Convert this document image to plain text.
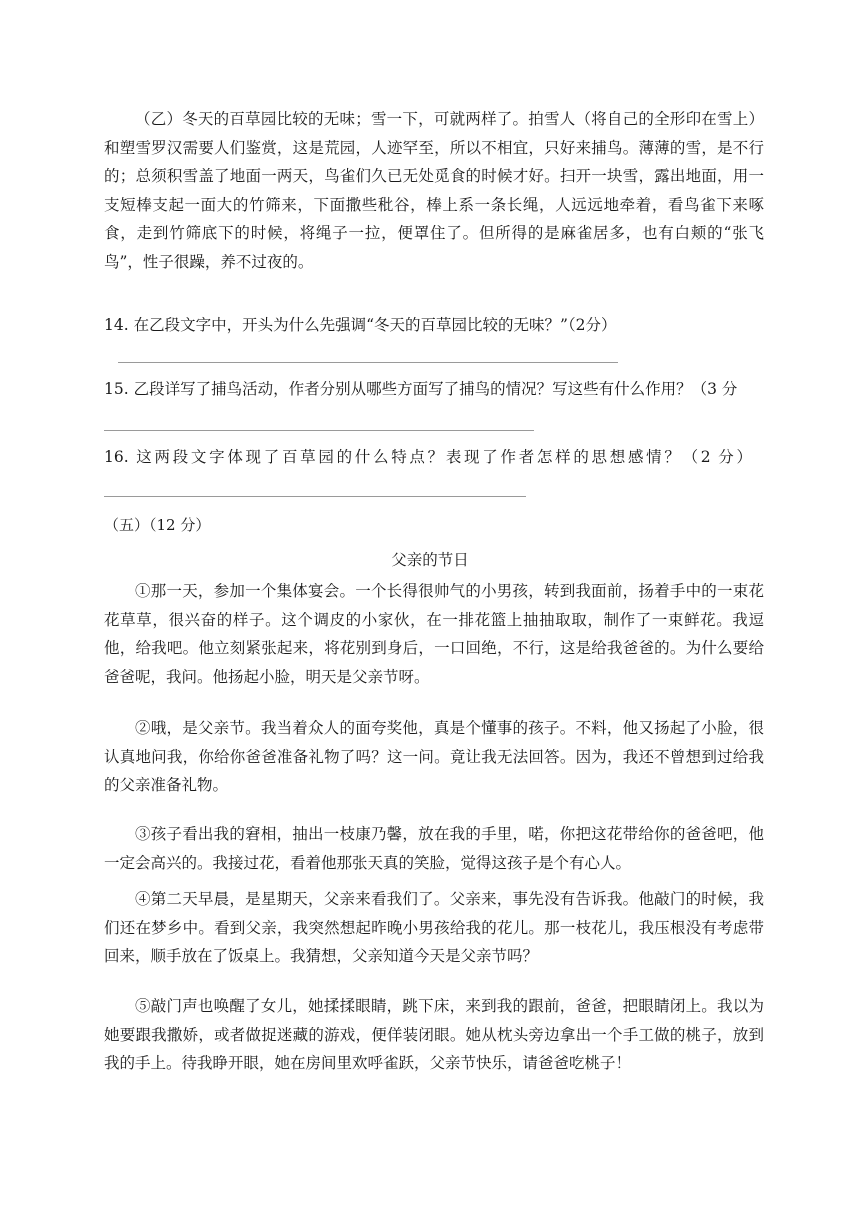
（乙）冬天的百草园比较的无味；雪一下，可就两样了。拍雪人（将自己的全形印在雪上）和塑雪罗汉需要人们鉴赏，这是荒园，人迹罕至，所以不相宜，只好来捕鸟。薄薄的雪，是不行的；总须积雪盖了地面一两天，鸟雀们久已无处觅食的时候才好。扫开一块雪，露出地面，用一支短棒支起一面大的竹筛来，下面撒些秕谷，棒上系一条长绳，人远远地牵着，看鸟雀下来啄食，走到竹筛底下的时候，将绳子一拉，便罩住了。但所得的是麻雀居多，也有白颊的“张飞鸟”，性子很躁，养不过夜的。

14. 在乙段文字中，开头为什么先强调“冬天的百草园比较的无味？”（2分）

15. 乙段详写了捕鸟活动，作者分别从哪些方面写了捕鸟的情况？写这些有什么作用？（3 分

16. 这两段文字体现了百草园的什么特点？表现了作者怎样的思想感情？（2 分）

（五）（12 分）
父亲的节日

①那一天，参加一个集体宴会。一个长得很帅气的小男孩，转到我面前，扬着手中的一束花花草草，很兴奋的样子。这个调皮的小家伙，在一排花篮上抽抽取取，制作了一束鲜花。我逗他，给我吧。他立刻紧张起来，将花别到身后，一口回绝，不行，这是给我爸爸的。为什么要给爸爸呢，我问。他扬起小脸，明天是父亲节呀。

②哦，是父亲节。我当着众人的面夸奖他，真是个懂事的孩子。不料，他又扬起了小脸，很认真地问我，你给你爸爸准备礼物了吗？这一问。竟让我无法回答。因为，我还不曾想到过给我的父亲准备礼物。

③孩子看出我的窘相，抽出一枝康乃馨，放在我的手里，喏，你把这花带给你的爸爸吧，他一定会高兴的。我接过花，看着他那张天真的笑脸，觉得这孩子是个有心人。

④第二天早晨，是星期天，父亲来看我们了。父亲来，事先没有告诉我。他敲门的时候，我们还在梦乡中。看到父亲，我突然想起昨晚小男孩给我的花儿。那一枝花儿，我压根没有考虑带回来，顺手放在了饭桌上。我猜想，父亲知道今天是父亲节吗？

⑤敲门声也唤醒了女儿，她揉揉眼睛，跳下床，来到我的跟前，爸爸，把眼睛闭上。我以为她要跟我撒娇，或者做捉迷藏的游戏，便佯装闭眼。她从枕头旁边拿出一个手工做的桃子，放到我的手上。待我睁开眼，她在房间里欢呼雀跃，父亲节快乐，请爸爸吃桃子！
